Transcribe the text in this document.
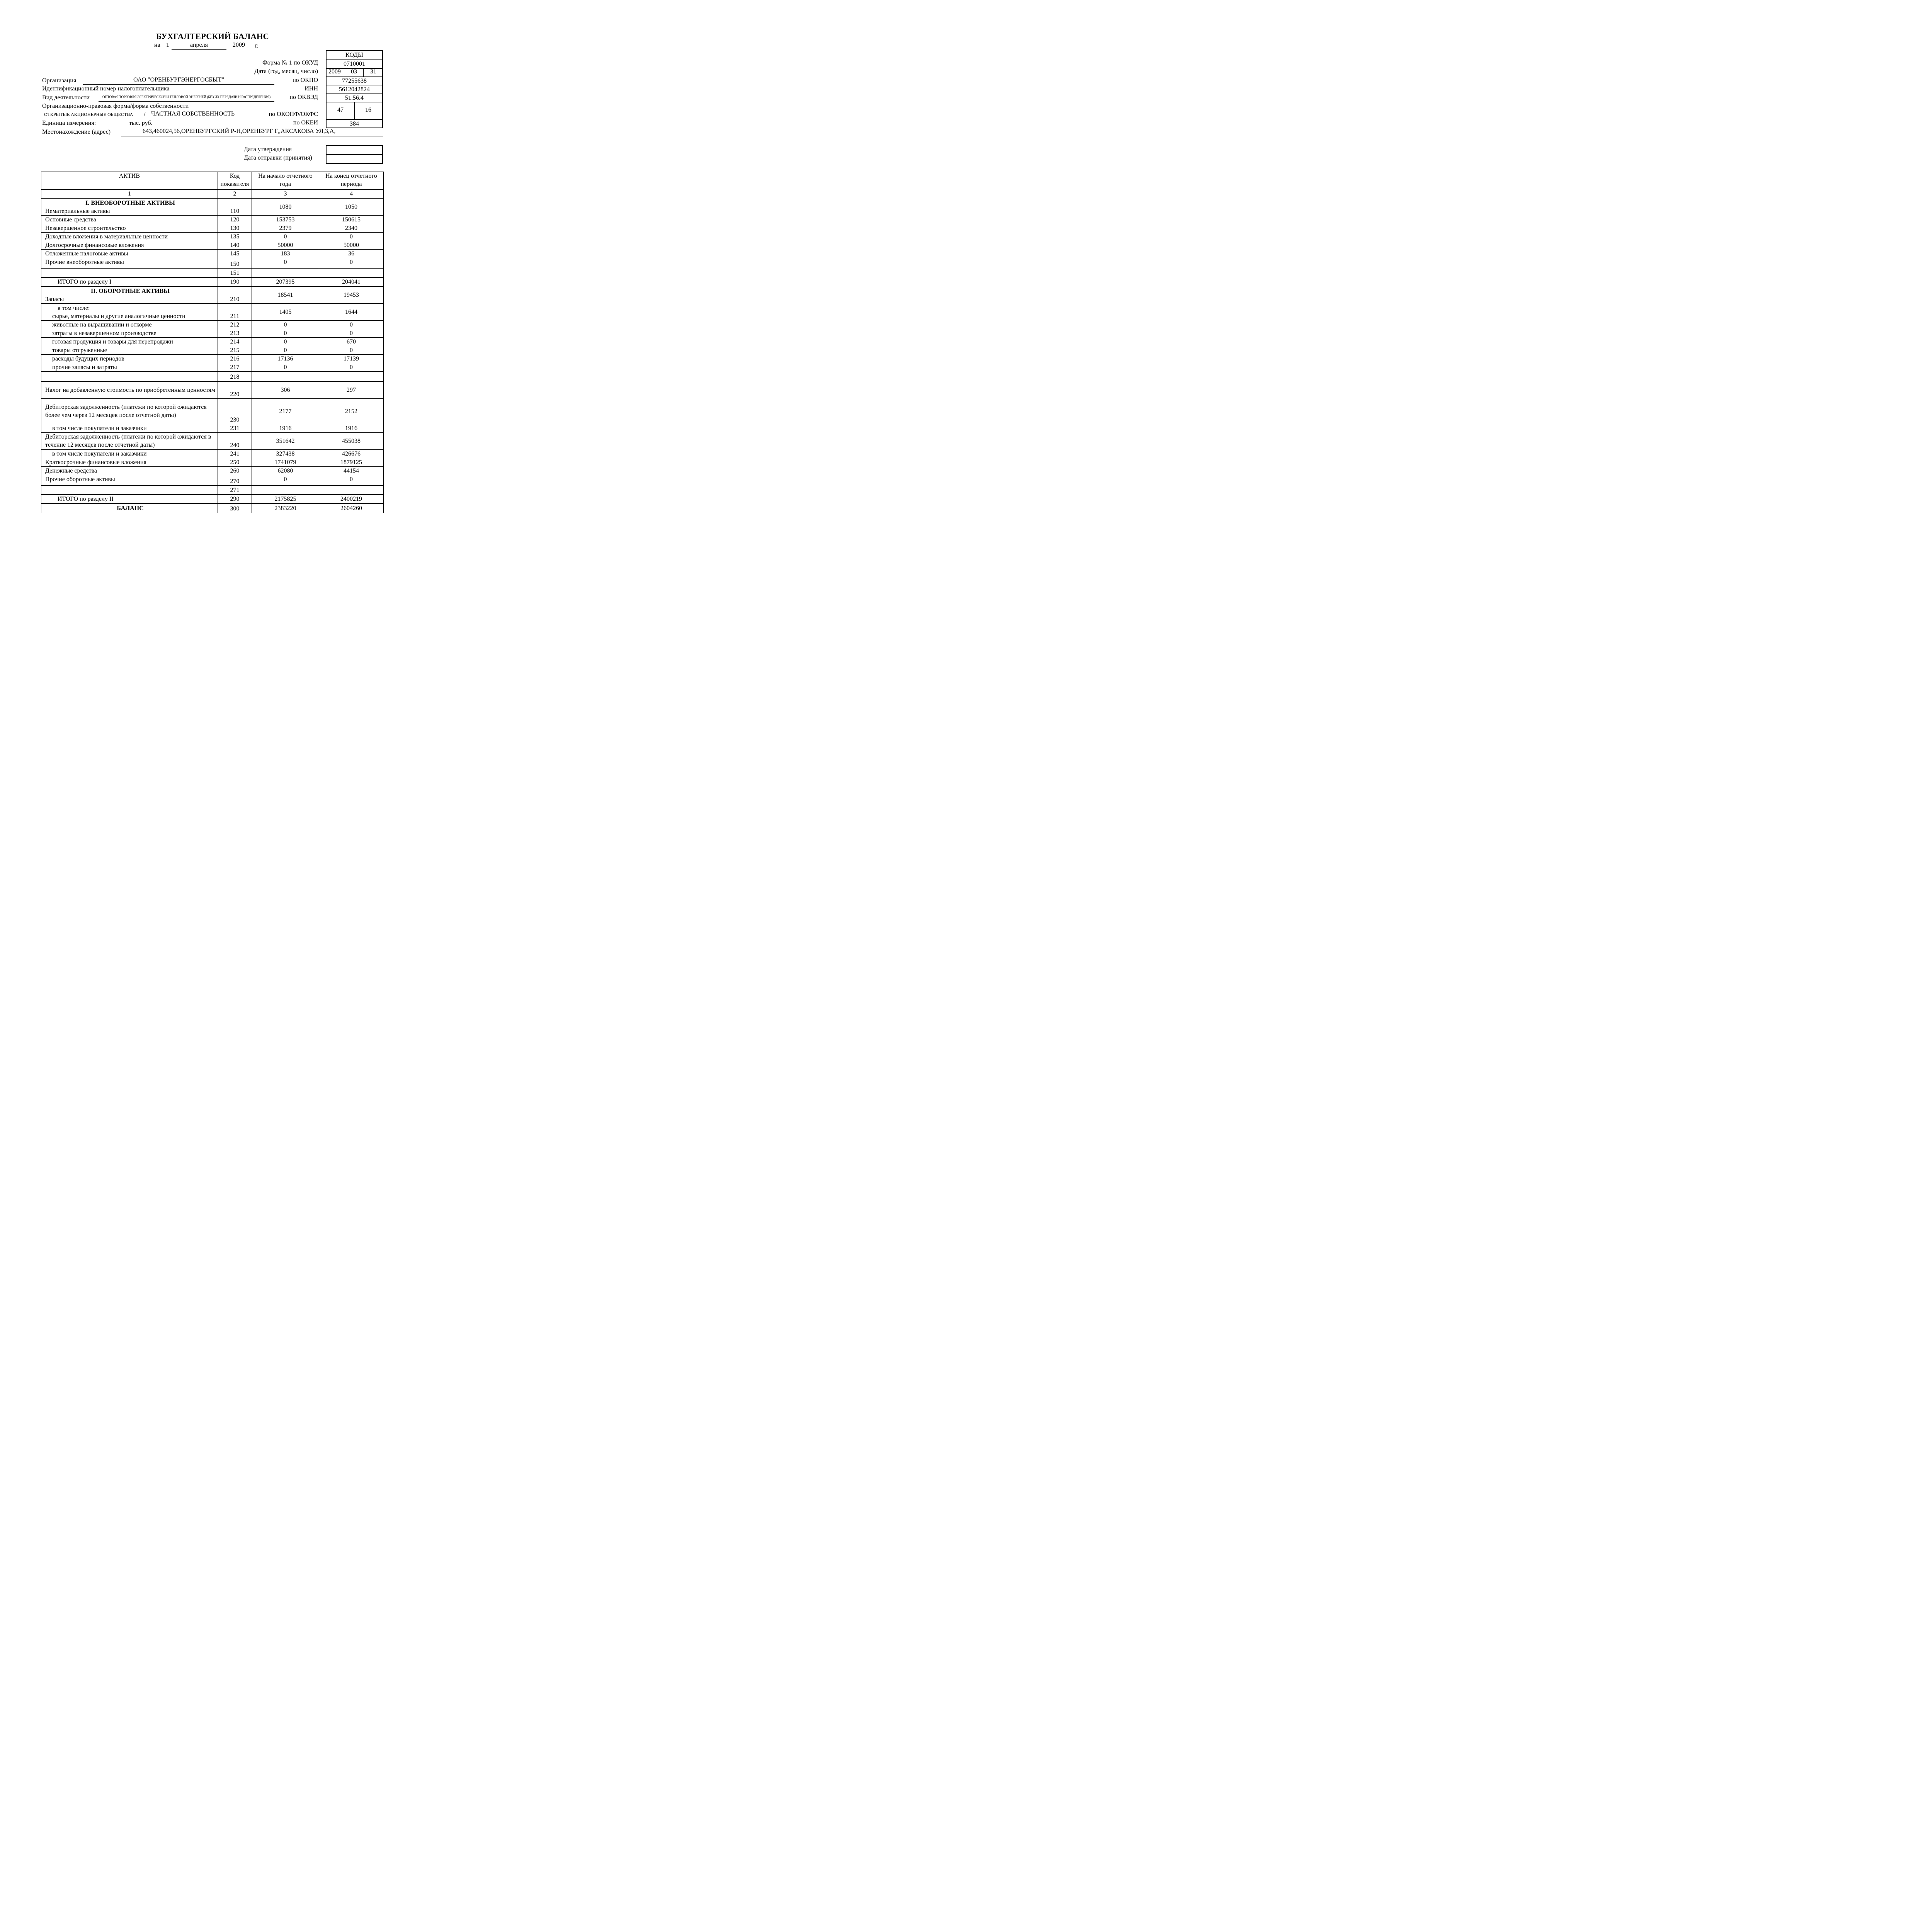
БУХГАЛТЕРСКИЙ БАЛАНС
на 1	апреля	2009 г.
КОДЫ
0710001
77255638
5612042824
51.56.4
384
2009	03	31
47	16
Форма № 1 по ОКУД
Дата (год, месяц, число)
по ОКПО
ИНН
по ОКВЭД
по ОКОПФ/ОКФС
по ОКЕИ
Организация	ОАО "ОРЕНБУРГЭНЕРГОСБЫТ"
Идентификационный номер налогоплательщика
Вид деятельности	ОПТОВАЯ ТОРГОВЛЯ ЭЛЕКТРИЧЕСКОЙ И ТЕПЛОВОЙ ЭНЕРГИЕЙ (БЕЗ ИХ ПЕРЕДАЧИ И РАСПРЕДЕЛЕНИЯ)
Организационно-правовая форма/форма собственности
ОТКРЫТЫЕ АКЦИОНЕРНЫЕ ОБЩЕСТВА / ЧАСТНАЯ СОБСТВЕННОСТЬ
Единица измерения:	тыс. руб.
Местонахождение (адрес)	643,460024,56,ОРЕНБУРГСКИЙ Р-Н,ОРЕНБУРГ Г,,АКСАКОВА УЛ,3,А,
Дата утверждения
Дата отправки (принятия)
АКТИВ	Код показателя	На начало отчетного года	На конец отчетного периода
1	2	3	4

I. ВНЕОБОРОТНЫЕ АКТИВЫ
Нематериальные активы	110	1080	1050
Основные средства	120	153753	150615
Незавершенное строительство	130	2379	2340
Доходные вложения в материальные ценности	135	0	0
Долгосрочные финансовые вложения	140	50000	50000
Отложенные налоговые активы	145	183	36
Прочие внеоборотные активы	150	0	0
	151		
ИТОГО по разделу I	190	207395	204041

II. ОБОРОТНЫЕ АКТИВЫ
Запасы	210	18541	19453

в том числе:
сырье, материалы и другие аналогичные ценности	211	1405	1644
животные на выращивании и откорме	212	0	0
затраты в незавершенном производстве	213	0	0
готовая продукция и товары для перепродажи	214	0	670
товары отгруженные	215	0	0
расходы будущих периодов	216	17136	17139
прочие запасы и затраты	217	0	0
	218		
Налог на добавленную стоимость по приобретенным ценностям	220	306	297
Дебиторская задолженность (платежи по которой ожидаются более чем через 12 месяцев после отчетной даты)	230	2177	2152
в том числе покупатели и заказчики	231	1916	1916
Дебиторская задолженность (платежи по которой ожидаются в течение 12 месяцев после отчетной даты)	240	351642	455038
в том числе покупатели и заказчики	241	327438	426676
Краткосрочные финансовые вложения	250	1741079	1879125
Денежные средства	260	62080	44154
Прочие оборотные активы	270	0	0
	271		
ИТОГО по разделу II	290	2175825	2400219
БАЛАНС	300	2383220	2604260
